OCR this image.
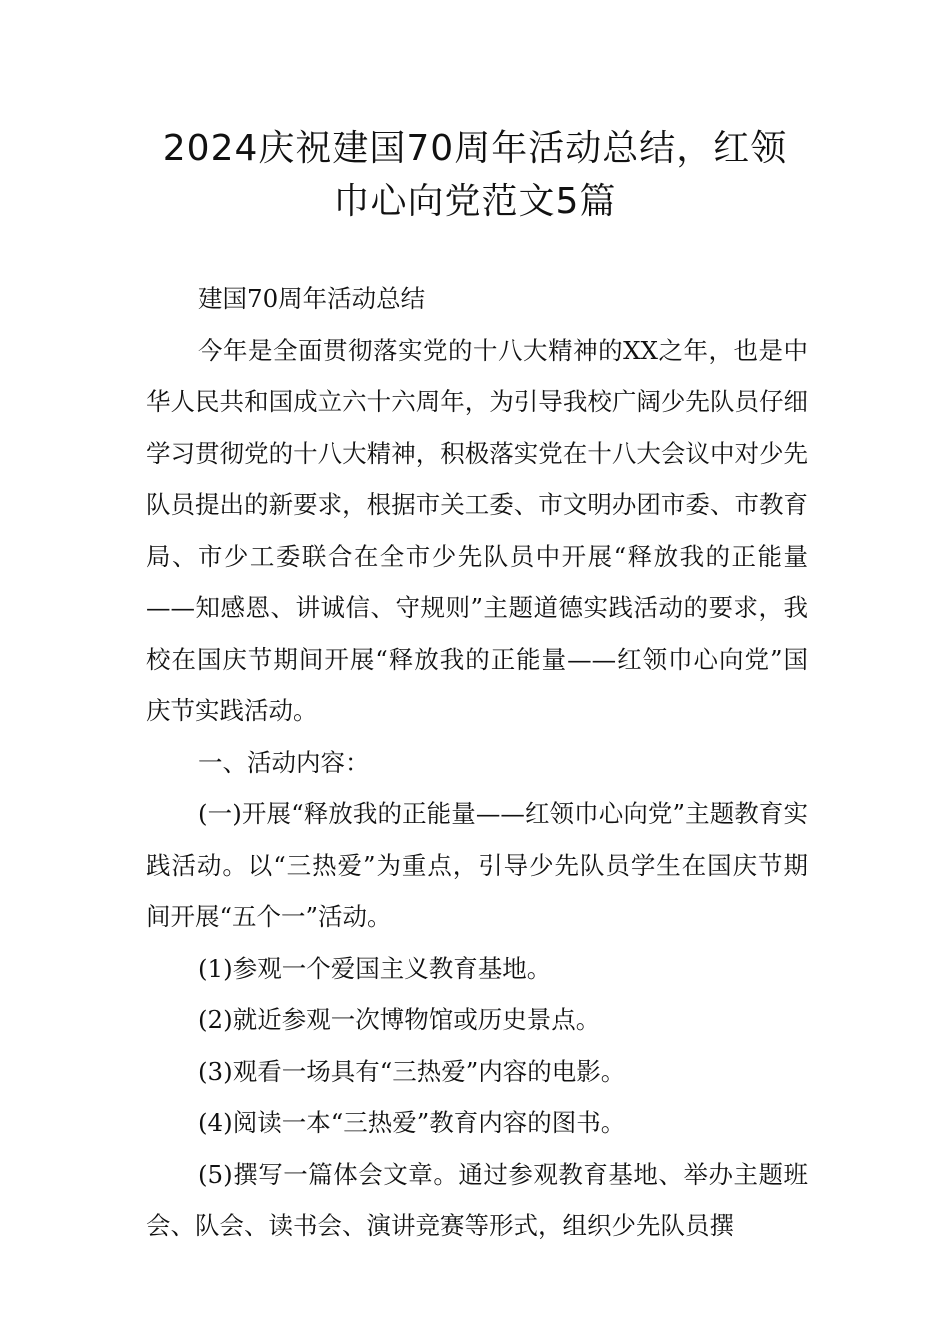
2024庆祝建国70周年活动总结，红领
巾心向党范文5篇

建国70周年活动总结

今年是全面贯彻落实党的十八大精神的XX之年，也是中华人民共和国成立六十六周年，为引导我校广阔少先队员仔细学习贯彻党的十八大精神，积极落实党在十八大会议中对少先队员提出的新要求，根据市关工委、市文明办团市委、市教育局、市少工委联合在全市少先队员中开展“释放我的正能量——知感恩、讲诚信、守规则”主题道德实践活动的要求，我校在国庆节期间开展“释放我的正能量——红领巾心向党”国庆节实践活动。

一、活动内容：

(一)开展“释放我的正能量——红领巾心向党”主题教育实践活动。以“三热爱”为重点，引导少先队员学生在国庆节期间开展“五个一”活动。

(1)参观一个爱国主义教育基地。

(2)就近参观一次博物馆或历史景点。

(3)观看一场具有“三热爱”内容的电影。

(4)阅读一本“三热爱”教育内容的图书。

(5)撰写一篇体会文章。通过参观教育基地、举办主题班会、队会、读书会、演讲竞赛等形式，组织少先队员撰
